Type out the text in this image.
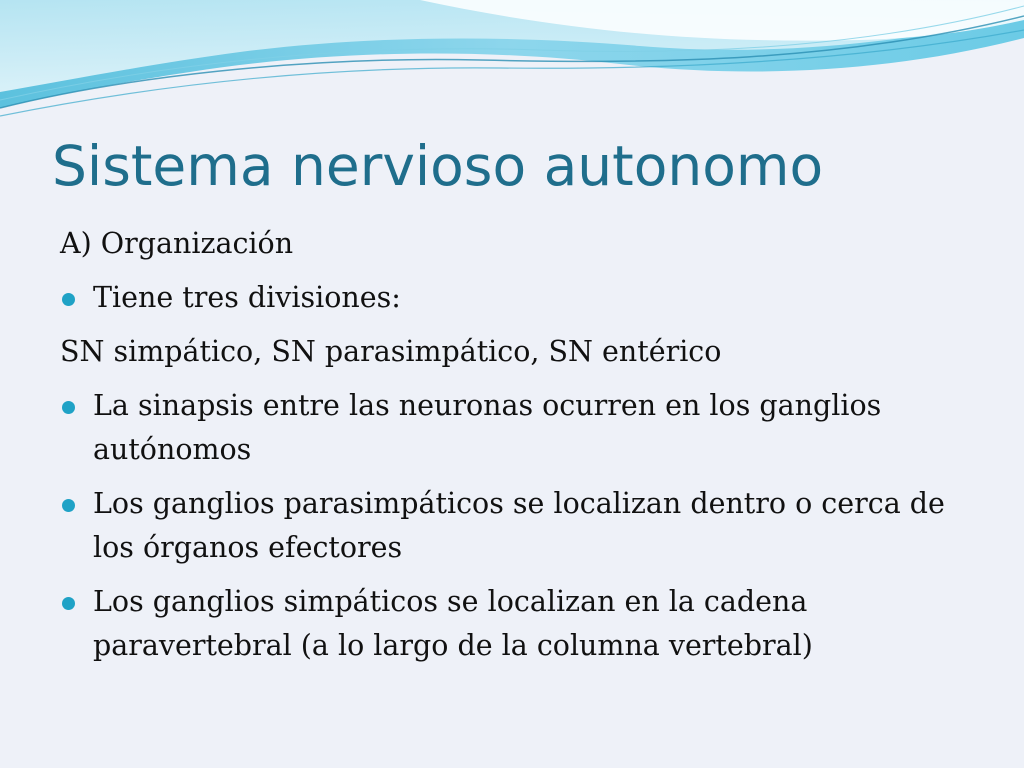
Sistema nervioso autonomo
A) Organización
Tiene tres divisiones:
SN simpático, SN parasimpático, SN entérico
La sinapsis entre las neuronas ocurren en los ganglios autónomos
Los ganglios parasimpáticos se localizan dentro o cerca de los órganos efectores
Los ganglios simpáticos se localizan en la cadena paravertebral (a lo largo de la columna vertebral)
